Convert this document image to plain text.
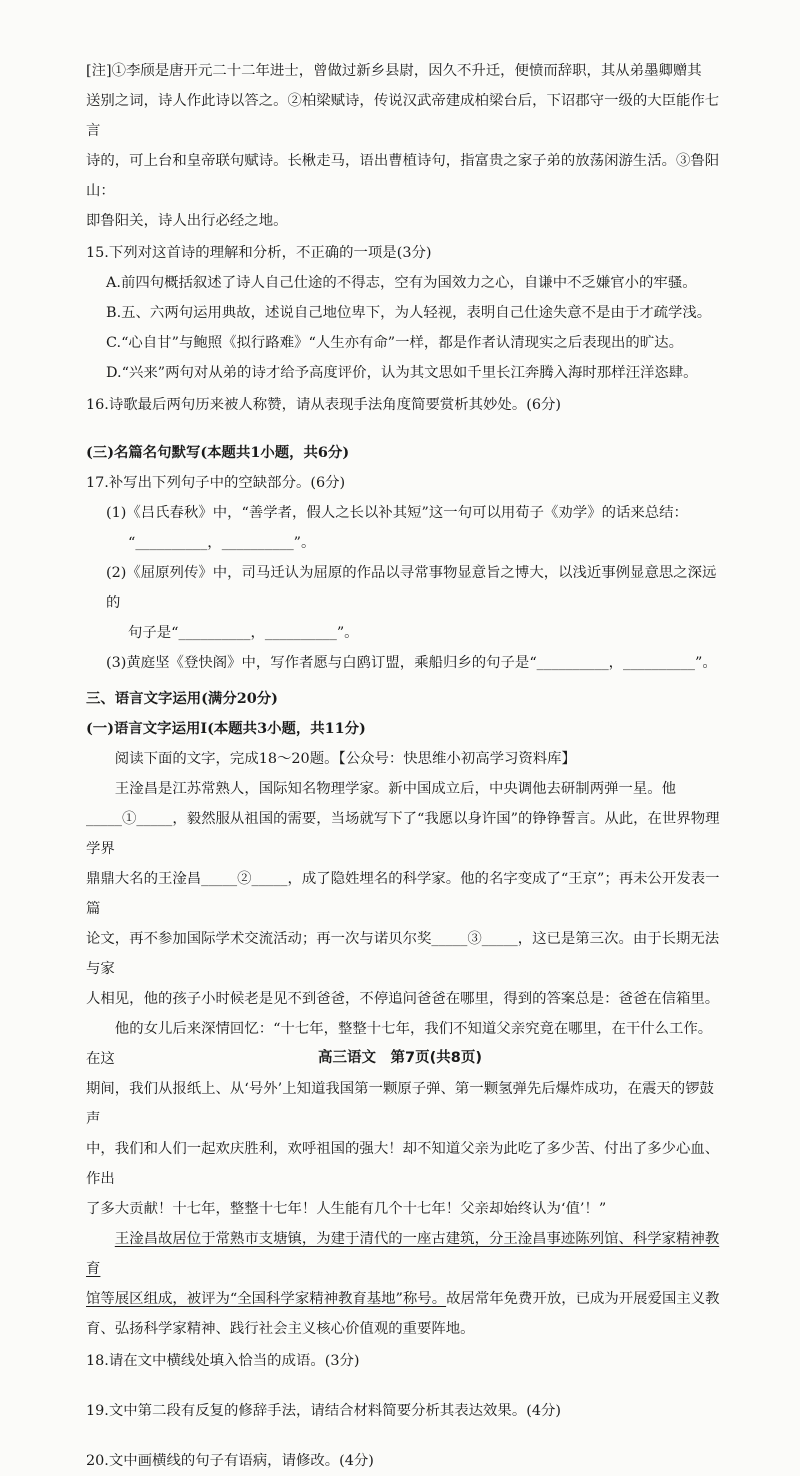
[注]①李颀是唐开元二十二年进士，曾做过新乡县尉，因久不升迁，便愤而辞职，其从弟墨卿赠其

送别之词，诗人作此诗以答之。②柏梁赋诗，传说汉武帝建成柏梁台后，下诏郡守一级的大臣能作七言

诗的，可上台和皇帝联句赋诗。长楸走马，语出曹植诗句，指富贵之家子弟的放荡闲游生活。③鲁阳山：

即鲁阳关，诗人出行必经之地。

15.下列对这首诗的理解和分析，不正确的一项是(3分)

A.前四句概括叙述了诗人自己仕途的不得志，空有为国效力之心，自谦中不乏嫌官小的牢骚。

B.五、六两句运用典故，述说自己地位卑下，为人轻视，表明自己仕途失意不是由于才疏学浅。

C.“心自甘”与鲍照《拟行路难》“人生亦有命”一样，都是作者认清现实之后表现出的旷达。

D.“兴来”两句对从弟的诗才给予高度评价，认为其文思如千里长江奔腾入海时那样汪洋恣肆。

16.诗歌最后两句历来被人称赞，请从表现手法角度简要赏析其妙处。(6分)

(三)名篇名句默写(本题共1小题，共6分)

17.补写出下列句子中的空缺部分。(6分)

(1)《吕氏春秋》中，“善学者，假人之长以补其短”这一句可以用荀子《劝学》的话来总结：

“__________，__________”。

(2)《屈原列传》中，司马迁认为屈原的作品以寻常事物显意旨之博大，以浅近事例显意思之深远的

句子是“__________，__________”。

(3)黄庭坚《登快阁》中，写作者愿与白鸥订盟，乘船归乡的句子是“__________，__________”。

三、语言文字运用(满分20分)

(一)语言文字运用Ⅰ(本题共3小题，共11分)

阅读下面的文字，完成18～20题。【公众号：快思维小初高学习资料库】

王淦昌是江苏常熟人，国际知名物理学家。新中国成立后，中央调他去研制两弹一星。他

_____①_____，毅然服从祖国的需要，当场就写下了“我愿以身许国”的铮铮誓言。从此，在世界物理学界

鼎鼎大名的王淦昌_____②_____，成了隐姓埋名的科学家。他的名字变成了“王京”；再未公开发表一篇

论文，再不参加国际学术交流活动；再一次与诺贝尔奖_____③_____，这已是第三次。由于长期无法与家

人相见，他的孩子小时候老是见不到爸爸，不停追问爸爸在哪里，得到的答案总是：爸爸在信箱里。

他的女儿后来深情回忆：“十七年，整整十七年，我们不知道父亲究竟在哪里，在干什么工作。在这

期间，我们从报纸上、从‘号外’上知道我国第一颗原子弹、第一颗氢弹先后爆炸成功，在震天的锣鼓声

中，我们和人们一起欢庆胜利，欢呼祖国的强大！却不知道父亲为此吃了多少苦、付出了多少心血、作出

了多大贡献！十七年，整整十七年！人生能有几个十七年！父亲却始终认为‘值’！”

王淦昌故居位于常熟市支塘镇，为建于清代的一座古建筑，分王淦昌事迹陈列馆、科学家精神教育

馆等展区组成，被评为“全国科学家精神教育基地”称号。故居常年免费开放，已成为开展爱国主义教

育、弘扬科学家精神、践行社会主义核心价值观的重要阵地。

18.请在文中横线处填入恰当的成语。(3分)

19.文中第二段有反复的修辞手法，请结合材料简要分析其表达效果。(4分)

20.文中画横线的句子有语病，请修改。(4分)

高三语文　第7页(共8页)
